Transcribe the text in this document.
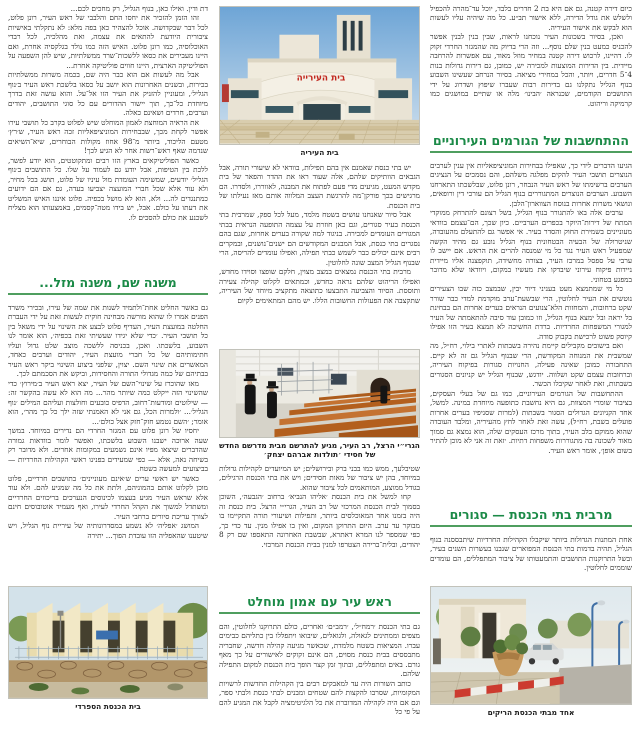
כיום דירה קטנה, גם אם היא בת 2 חדרים בלבד, יוכל עד־מהרה להכפיל ולשלש את גודל הדירה, ללא אישור תב״ע. כל מה שיהיה עליו לעשות הוא לבקש את אישור העיריה.

ואכן, בסיור בשכונות העיר נוכחנו לראות, שבין בנין לבנין אפשר להכניס כמעט בנין שלם נוסף... וזה הרי בדיוק מה שהמגזר החרדי זקוק לו. דהיינו, לרכוש דירה קטנה במחיר מוזל מאוד, עם אפשרות להרחבה מיידית. בין הדירות המוצעות למכירה יש, כמובן, גם דירות גדולות בנות 4־5 חדרים, ויותר, והכל במחירי מציאה. בסיור הנרחב שעשינו השבוע בנוף הגליל נתקלנו גם בדירות רבות שעברו שיפוץ ושדרוג על ידי התושבים הקודמים, שכנראה ׳הבינו׳ מלה או שתיים במושגים כמו קרמיקה וריהוט.

ההתחשבות של הגורמים העירוניים

הגיעו הדברים לידי כך, שאפילו בבחירות המוניציפאליות אין ענין לערבים הנוצרים תושבי העיר להקים מפלגה משלהם, והם נסמכים על הנציגים הערבים ברשימתו של ראש העיר הנבחר, רונן פלוט, שבלשכתו התארחנו השבוע. הערבים הנוצרים המתגוררים בנוף הגליל הם עורכי דין ורופאים, ונושאי משרות אחרות בנוסח הצווארון־הלבן.

ערבים אלה באו להתגורר בנוף הגליל, בשל רצונם להתרחק ממוקדי המתח של דירות־היוקר בכפרים הערביים. כיון שכך, הם־עצמם בוודאי מעוניינים בשמירת החוק והסדר בעיר. אי אפשר גם להתעלם מהעובדה, שניטרולה של הבעיה הבטחונית בנוף הגליל נובע גם מהיד הקשה שמפעיל ראש העיר נגד כל מי שמנסה להרים את הראש. אם יישב לו ערבי על ספסל במרכז העיר, בצורה מחשידה, תוקפצנה אליו מיידית ניידות פיקוח עירוני שיבדקו את מעשיו במקום, ויוודאו שלא מדובר במפגע בטחוני.

כל מי שמתמצא מעט בעניני דיור יבין, שבמצב כזה שבו הצעירים נוטשים את העיר לחלוטין, הרי שבשעת־ערב מוקדמת למדי כבר שורר שקט ברחובות, והמחזות הלא־צנועים הנראים בערים אחרות הם בבחינת בל יראה ובל ימצא בנוף הגליל, וזו כמובן עוד סיבה להתאמתה של העיר למגורי המשפחות החרדיות. ברדת החשיכה לא תמצא בעיר הזו אפילו קיוסק פשוט לרכישת בקבוק סודה.

ואם בישובים מקבילים קיימת נהירה בשבתות לאתרי בילוי, רח״ל, מה שמשבית את המנוחה המקודשת, הרי שבנוף הגליל גם זה לא קיים. התחבורה כמובן שאינה פעילה, החנויות סגורות בפיקוח העיריה, וברחובות עצמם שקט ושלווה. יודגש, שבנוף הגליל יש קניונים הסגורים בשבתות, זאת לאחר שקיבלו הכשר.

ההתחשבות של הגורמים העירוניים, כמו גם של בעלי העסקים, בציבור שומרי המצוות, גם היא נחשבת כתופעה מיוחדת במינה. למשל, אחד הקניונים הגדולים הסגור בשבתות (למרות שסניפיו בערים אחרות פועלים בשבת, רח״ל), עשה זאת לאחר לחץ מהעיריה, ומלבד העובדה שהוא ממוקם בלב העיר, בתוך מרכז העסקים שלה, הוא נמצא גם סמוך מאוד לשכונה בה מתגוררות משפחות דתיות. ׳זאת זה אני לא מוכן להתיר בשום אופן׳, אומר ראש העיר.

מרבית בתי הכנסת — סגורים

אחת המתנות הגדולות ביותר שיקבלו הקהילות החרדיות שיתבססנה בנוף הגליל, תהיה בדמות בתי הכנסת המפוארים שנבנו בעשרות השנים בעיר, ובשל התרוקנות התושבים והתמעטותו של ציבור המתפללים, הם עומדים שוממים לחלוטין.

אחד מבתי הכנסת הריקים
בית העירייה
בית העיריה

יש בתי כנסת שאמנם אין בהם תפילות, בוודאי לא שיעורי תורה, אבל הגבאים הוותיקים שלהם, אלה שעוד ראו את ההדר והפאר של בית מקדש המעט, מגיעים מדי פעם לפתוח את המבנה, לאווררו, ולסדרו. הם מרגישים בכך פורקן־מה להרגשת העצב המלווה אותם מאז נעילתו של בית הכנסת.

אבל סיור שאנחנו עושים בשטח מלמד, מעל לכל ספק, שמרבית בתי הכנסת בעיר סגורים, וגם כאן חוזרת על עצמה התופעה הנראית בבתי המגורים העומדים למכירה. בניגוד למה שקורה בערים אחרות, שגם בהם נסגרים בתי כנסת, אבל המבנים המקודשים הם ישנים־נושנים, ובמקרים רבים אינם יכולים כבר לשמש כבתי תפילה, ואפילו עומדים להריסה, הרי שבנוף הגליל המצב שונה לחלוטין.

מרבית בתי הכנסת נמצאים במצב מצוין, חלקם שופצו וסוידו מחדש, ואפילו הריהוט שלהם נראה כחדש, וכמתאים לקלוט קהילה צעירה ותוססת. הסיוד והצביעה התבצעו כתוצאה מתקציב מיוחד של העיריה, שתקצבה את הפעולות החשובות הללו. יש מהם המתאימים לקיום

הגרי״י הרצל, רב העיר, מגיע להתרשם מבית מדרשם החדש של חסידי ׳תולדות אברהם יצחק׳

שטיבלעך, ממש כמו בבני ברק ובירושלים; יש המיועדים לקהילות גדולות במיוחד, בהן יש ציבור של מאות חסידים; ויש את בתי הכנסת הרגילים, בגודל ממוצע, המותאמים לכל ציבור שהוא.

קחו למשל את בית הכנסת ׳אליהו הנביא׳ ברחוב ׳הגבעה׳, השוכן בסמוך לבית הכנסת המרכזי של רב העיר, הגרי״י הרצל. בית כנסת זה היה בזמנו אחד המאוכלסים ביותר, ותפילות ושיעורי תורה התקיימו בו מבוקר עד ערב. היום התרוקן המקום, ואין בו אפילו מנין. עד כדי כך, כפי שמספר לנו המרא דאתרא, שבשבת האחרונה התאספו שם רק 8 יהודים, ובלית־ברירה הצטרפו למנין בבית הכנסת המרכזי.

ראש עיר עם אמון מוחלט

גם בתי הכנסת ׳רמח״ל׳, ׳רמב״ם׳ ואחרים, כולם התרוקנו לחלוטין, והם מצפים וממתינים לגאולה, ולגואלים, שיבואו ויתפללו בין כתליהם כבימים עברו. המציאות בשטח מלמדת, שכאשר מגיעה קהילה חדשה, שחבריה מתבססים בבית כנסת מסוים, הם אינם זקוקים לאישורים על כך מאף גורם. באים ומתפללים, ובתוך זמן קצר הופך בית הכנסת למקום התפילה שלהם.

כותב השורות היה עד למאבקים רבים בין הקהילות החדשות לרשויות המקומיות, שסרבו להקצות להם שטחים ומבנים לבתי כנסת ולבתי ספר, וגם אם היה לקהילה המדוברת את כל הלגיטימציה לקבל את המגיע להם על פי כל

דת ודין. ואילו כאן, בנוף הגליל, רק מחכים לכם...

זהו הזמן להזכיר את יחסו החם והלבבי של ראש העיר, רונן פלוט, לכל דבר שבקדושה. אוכל להצהיר כאן בפה מלא: לא נתקלתי באישיות ציבורית היודעת להתאים את עצמה, ואת מהלכיה, לכל רבדי האוכלוסיה, כמו רונן פלוט. האיש הזה כמו נולד בגלקסיה אחרת, ואם היינו מעבירים את כסאו ללשכות־שרד ממשלתיות, שיש להן השפעה על הפוליטיקה הארצית, היינו חווים פוליטיקה אחרת...

אבל מה לעשות אם הוא כבר היה שם, בכמה משרות ממשלתיות בכירות, ובשנים האחרונות הוא יושב על כסאו בלשכת ראש העיר ב׳נוף הגליל׳, ומעוניין להזניק את העיר הזו אל־על. והוא עושה זאת בדרך מיוחדת כל־כך, תוך יישור ההדורים עם כל סוגי התושבים, יהודים וערבים, חרדים ושאינם כאלה.

את הראיה המוחצת לאמון המוחלט שיש לפלוט בקרב כל תושבי עירו אפשר לקחת מכך, שבבחירות המוניציפאליות זכה ראש העיר, ש׳רץ׳ מטעם הליכוד, ביותר מ־98 אחוז מקולות הבוחרים, שיא־השיאים שנדמה שאף ראש־רשות אחר לא הגיע לכך!

כאשר הפוליטיקאים בארץ הזו רבים ומתקוטטים, הוא יודע לפשר, ללכת בין הטיפות, אבל יודע גם לעמוד על שלו. כל התושבים ב׳נוף הגליל׳ יודעים, שמשימה העומדת מול עיניו של פלוט, תושג בכל מחיר, ולא עוד אלא שכל חברי המועצה יצביעו בעדה, גם אם הם ידועים כמתנגדים לה... ולא, הוא לא מושל בכפיה. פלוט איננו האיש המשליט את דעתו על כולם. אבל, יש בידו מטה־קסמים, באמצעותו הוא מצליח לשכנע את כולם להסכים לו.

משנה שם, משנה מזל...

גם כאשר החליט אחת־ולתמיד לשנות את שמה של עירו, ובכירי משרד הפנים אמרו לו שהוא מורשה מבחינה חוקית לעשות זאת על ידי העברת החלטה במועצת העיר, העדיף פלוט לבצע את השינוי על ידי משאל בין כל תושבי העיר. ׳כדי שלא יגידו שעשיתי זאת בכפיה׳, הוא אומר לנו השבוע, בלשכתו. ואכן, בכניסה ללשכה מוצב שלט גדול ועליו חתימותיהם של כל חברי מועצת העיר, יהודים וערבים כאחד, המאשרים את שינוי השם. יצוין, שלפני ביצוע השינוי ביקר ראש העיר בבתיהם של כמה מגדולי התורה והחסידות, וביקש את הסכמתם לכך.

מאז שהוכרז על שינוי־השם של העיר, יצא ראש העיר ב׳מירוץ׳ כדי שהשינוי הזה ייקלט כמה שיותר מהר... מה הוא לא עשה בהקשר זה: — שילוטים ומודעות־רחוב, הדפיס כובעים וחולצות ועליהם המילים ׳נוף הגליל׳... ׳ולמרות הכל, גם אני לא האמנתי שזה ילך כל כך מהר׳, הוא אומר; ׳השם נטמע חזק־חזק אצל כולם׳...

יחסיו של רונן פלוט עם המגזר החרדי הם נדירים במיוחד. במשך שעה ארוכה ישבנו השבוע בלשכתו, ואפשר לומר בוודאות גמורה שהדברים שיצאו מפיו אינם נשמעים במקומות אחרים. ולא מדובר רק בשיחה נאה, אלא — כפי שמעידים בפנינו ראשי הקהילות החרדיות — בביצועים למעשה בשטח.

כאשר יש ראשי ערים ש׳אינם מעוניינים׳ בתושבים חרדיים, פלוט מוכן לקלוט אותם בהמוניהם, ולתת את כל מה שמגיע להם. ולא עוד אלא שראש העיר מגיע בעצמו לכינוסים הנערכים בריכוזים החרדיים ומשתדל למשוך את הקהל החרדי לעירו, ואף מעמיד אוטובוסים חינם לצורך עריכת סיורים ברחבי העיר.

המושג ׳אפליה׳ לא נשמע במסדרונותיה של עיריית נוף הגליל, ויש שיטענו שהאפליה הזו עובדת הפוך... יתירה

בית הכנסת הספרדי
